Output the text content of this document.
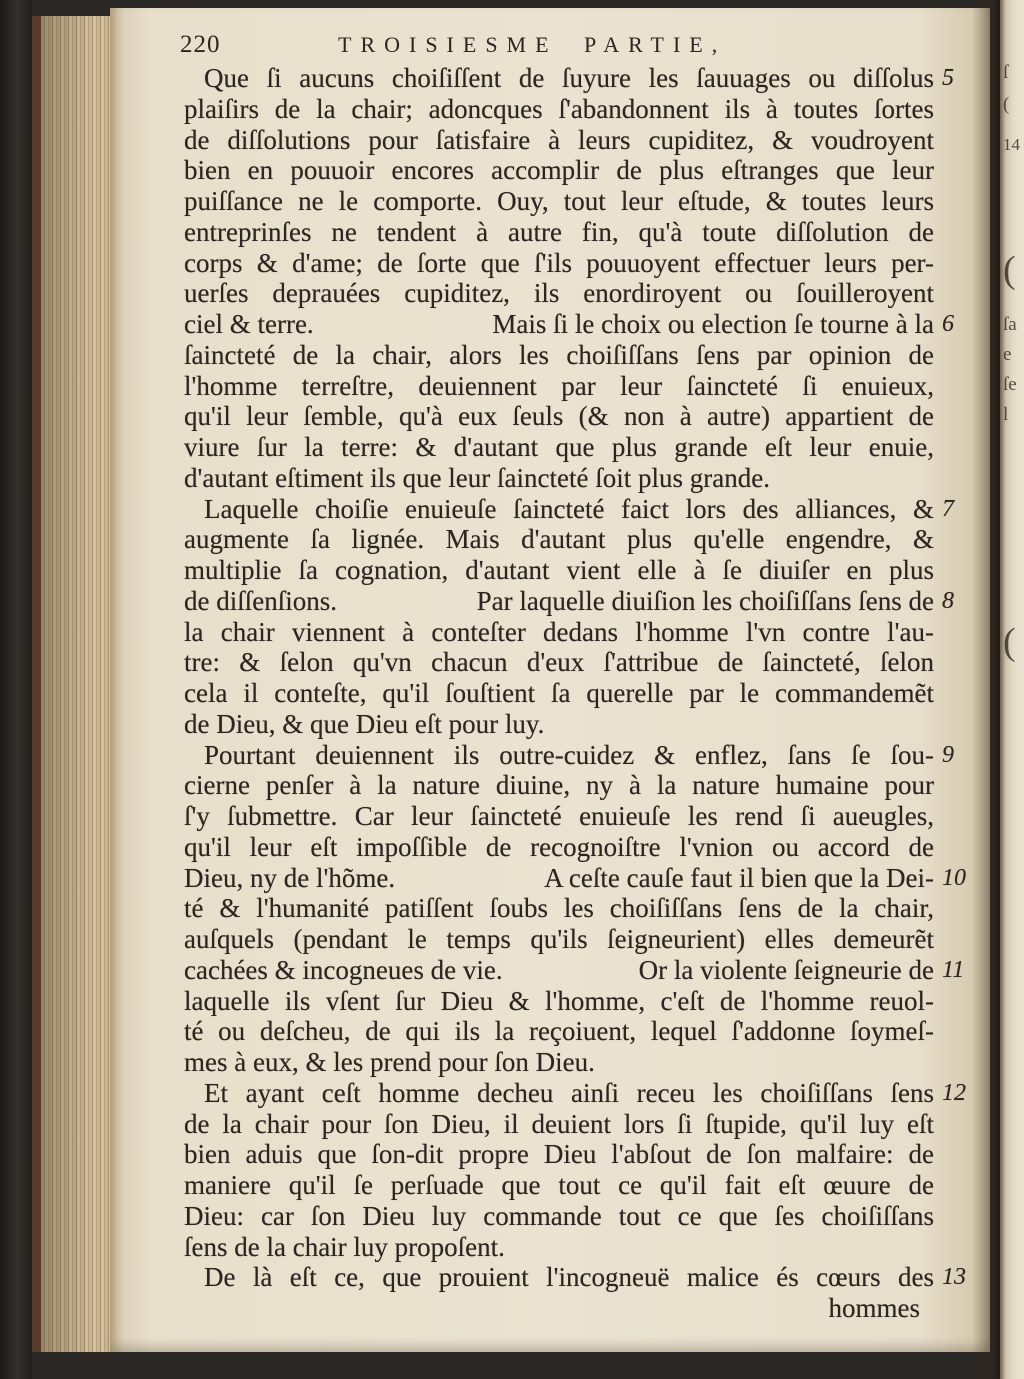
ſ
(
14
(
ſa
e
ſe
l
(
220	TROISIESME PARTIE,
Que ſi aucuns choiſiſſent de ſuyure les ſauuages ou diſſolus 5
plaiſirs de la chair; adoncques ſ'abandonnent ils à toutes ſortes
de diſſolutions pour ſatisfaire à leurs cupiditez, & voudroyent
bien en pouuoir encores accomplir de plus eſtranges que leur
puiſſance ne le comporte. Ouy, tout leur eſtude, & toutes leurs
entreprinſes ne tendent à autre fin, qu'à toute diſſolution de
corps & d'ame; de ſorte que ſ'ils pouuoyent effectuer leurs per-
uerſes deprauées cupiditez, ils enordiroyent ou ſouilleroyent
ciel & terre.	Mais ſi le choix ou election ſe tourne à la 6
ſaincteté de la chair, alors les choiſiſſans ſens par opinion de
l'homme terreſtre, deuiennent par leur ſaincteté ſi enuieux,
qu'il leur ſemble, qu'à eux ſeuls (& non à autre) appartient de
viure ſur la terre: & d'autant que plus grande eſt leur enuie,
d'autant eſtiment ils que leur ſaincteté ſoit plus grande.
Laquelle choiſie enuieuſe ſaincteté faict lors des alliances, & 7
augmente ſa lignée. Mais d'autant plus qu'elle engendre, &
multiplie ſa cognation, d'autant vient elle à ſe diuiſer en plus
de diſſenſions.	Par laquelle diuiſion les choiſiſſans ſens de 8
la chair viennent à conteſter dedans l'homme l'vn contre l'au-
tre: & ſelon qu'vn chacun d'eux ſ'attribue de ſaincteté, ſelon
cela il conteſte, qu'il ſouſtient ſa querelle par le commandemẽt
de Dieu, & que Dieu eſt pour luy.
Pourtant deuiennent ils outre-cuidez & enflez, ſans ſe ſou- 9
cierne penſer à la nature diuine, ny à la nature humaine pour
ſ'y ſubmettre. Car leur ſaincteté enuieuſe les rend ſi aueugles,
qu'il leur eſt impoſſible de recognoiſtre l'vnion ou accord de
Dieu, ny de l'hõme.	A ceſte cauſe faut il bien que la Dei- 10
té & l'humanité patiſſent ſoubs les choiſiſſans ſens de la chair,
auſquels (pendant le temps qu'ils ſeigneurient) elles demeurẽt
cachées & incogneues de vie.	Or la violente ſeigneurie de 11
laquelle ils vſent ſur Dieu & l'homme, c'eſt de l'homme reuol-
té ou deſcheu, de qui ils la reçoiuent, lequel ſ'addonne ſoymeſ-
mes à eux, & les prend pour ſon Dieu.
Et ayant ceſt homme decheu ainſi receu les choiſiſſans ſens 12
de la chair pour ſon Dieu, il deuient lors ſi ſtupide, qu'il luy eſt
bien aduis que ſon-dit propre Dieu l'abſout de ſon malfaire: de
maniere qu'il ſe perſuade que tout ce qu'il fait eſt œuure de
Dieu: car ſon Dieu luy commande tout ce que ſes choiſiſſans
ſens de la chair luy propoſent.
De là eſt ce, que prouient l'incogneuë malice és cœurs des 13
hommes
